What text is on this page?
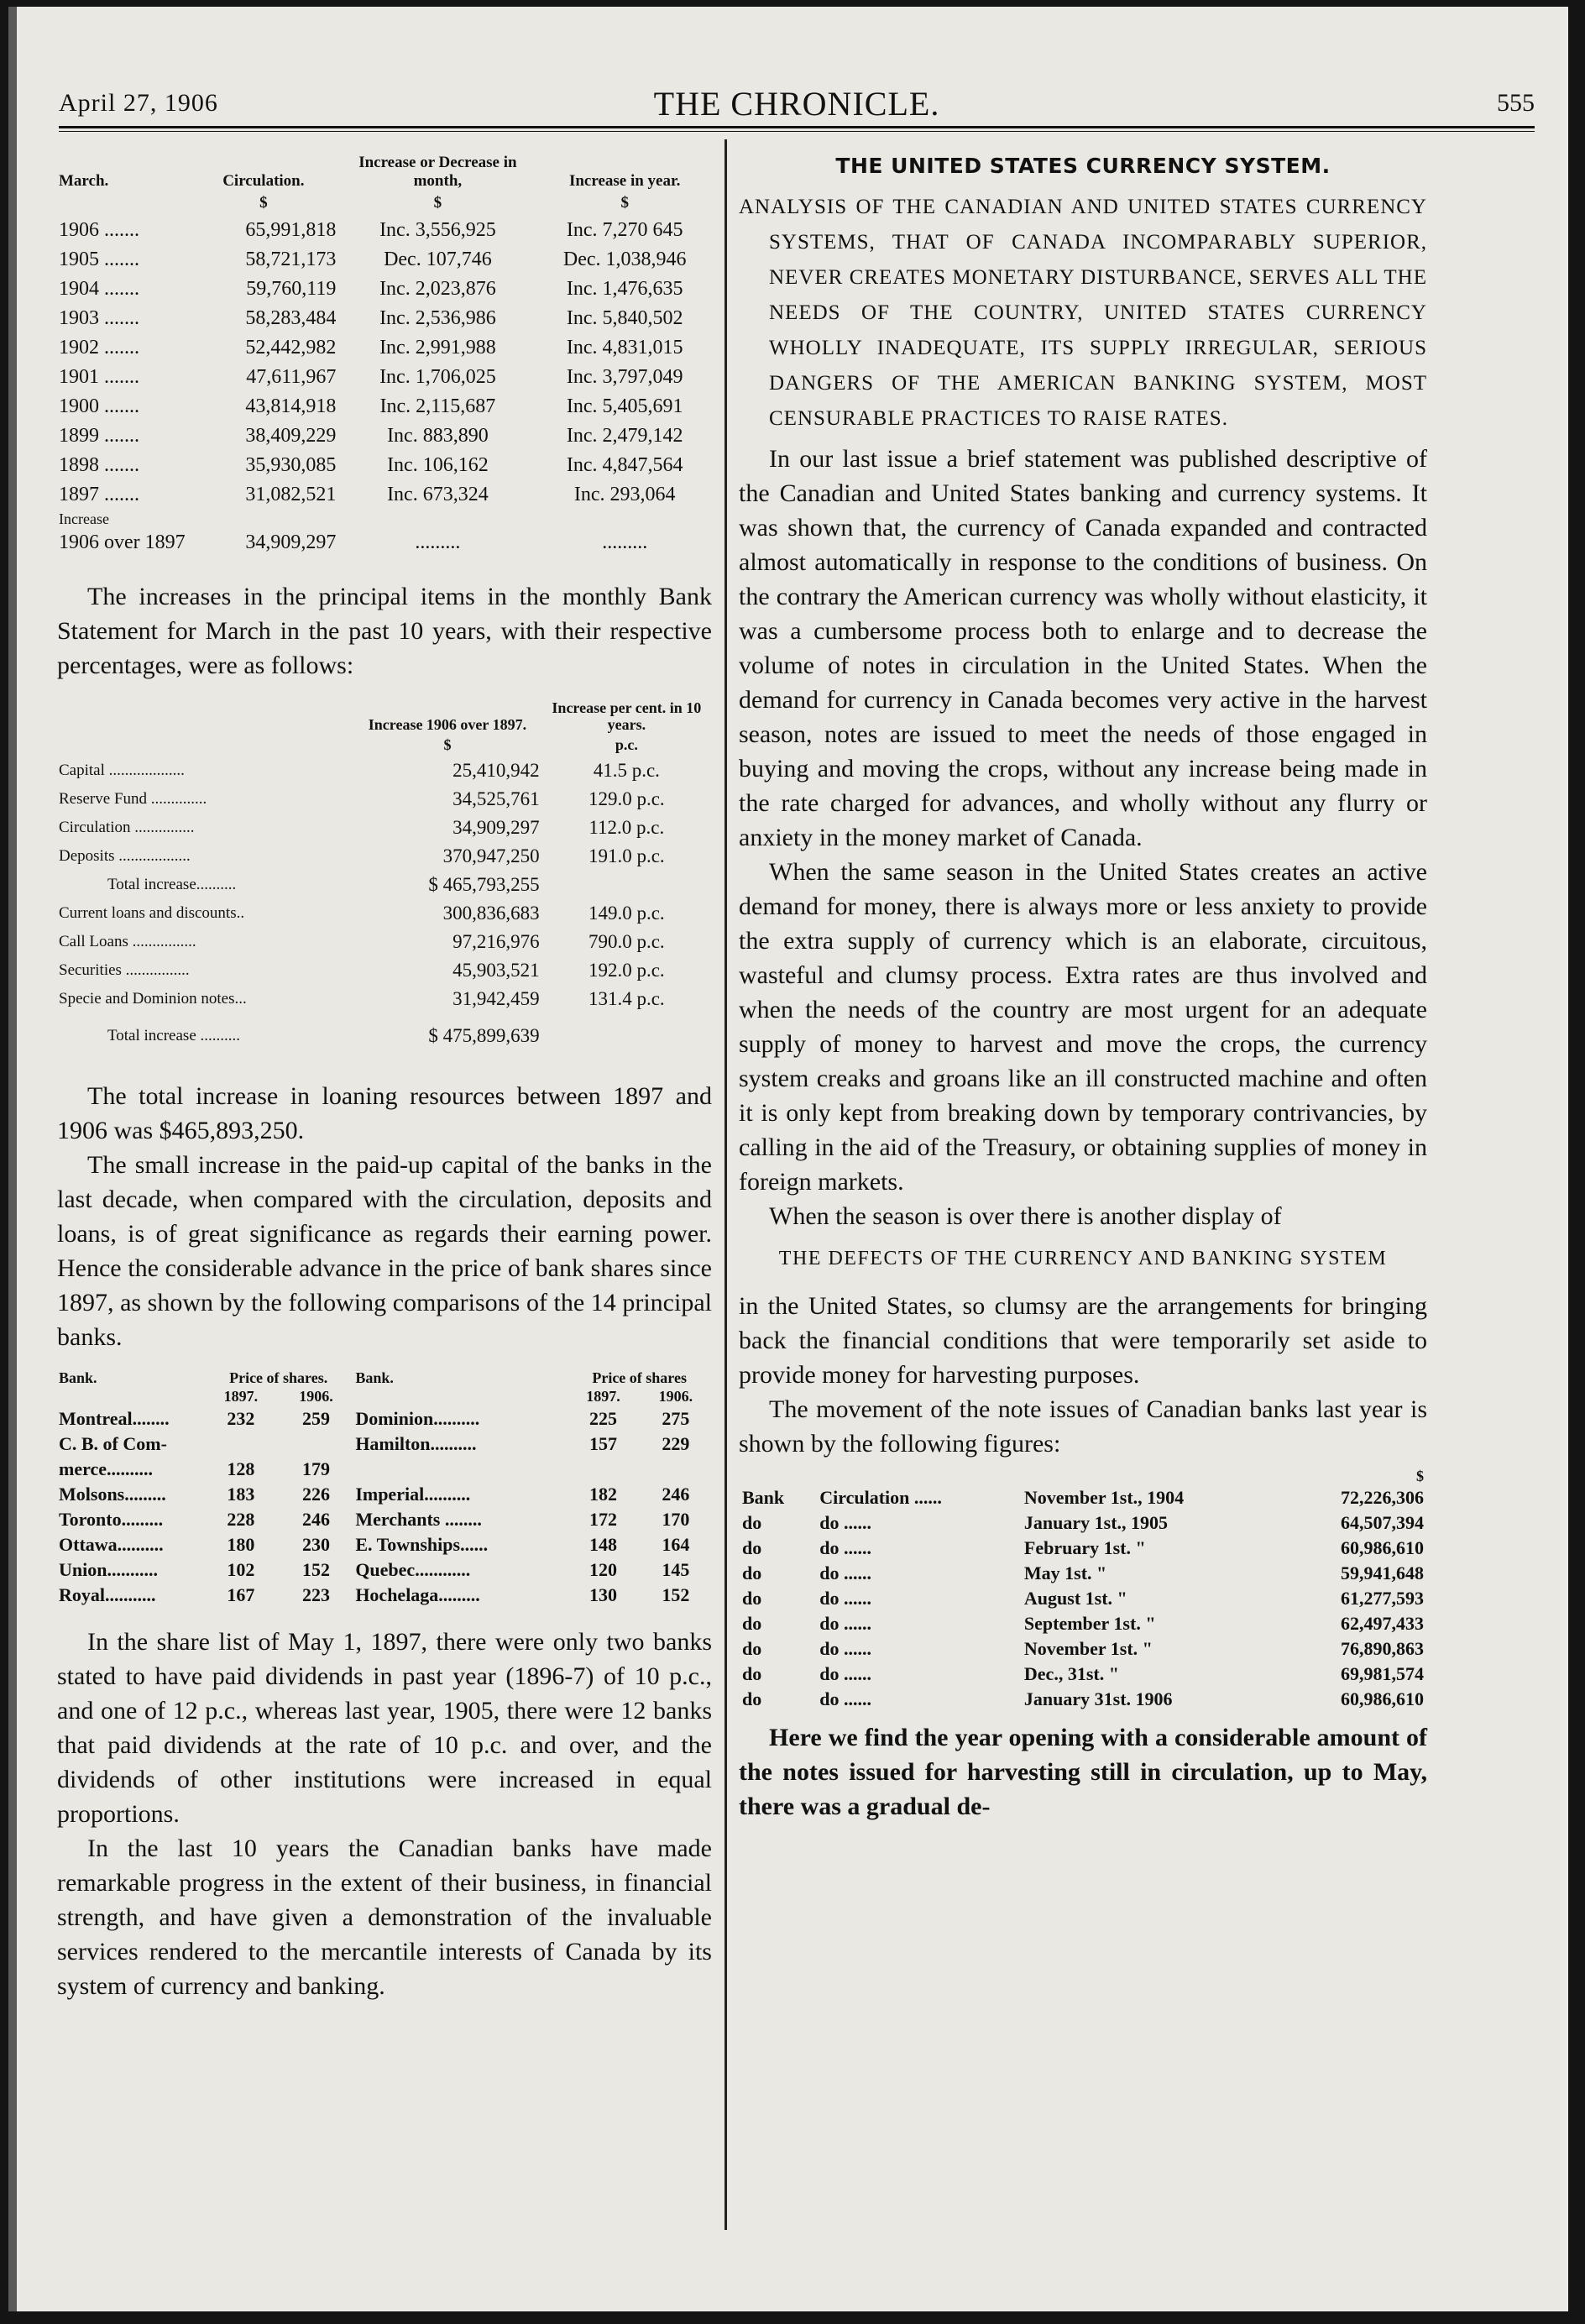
April 27, 1906	THE CHRONICLE.	555
March.	Circulation.	Increase or Decrease in month,	Increase in year.
	$	$	$
1906 .......	65,991,818	Inc. 3,556,925	Inc. 7,270 645
1905 .......	58,721,173	Dec. 107,746	Dec. 1,038,946
1904 .......	59,760,119	Inc. 2,023,876	Inc. 1,476,635
1903 .......	58,283,484	Inc. 2,536,986	Inc. 5,840,502
1902 .......	52,442,982	Inc. 2,991,988	Inc. 4,831,015
1901 .......	47,611,967	Inc. 1,706,025	Inc. 3,797,049
1900 .......	43,814,918	Inc. 2,115,687	Inc. 5,405,691
1899 .......	38,409,229	Inc. 883,890	Inc. 2,479,142
1898 .......	35,930,085	Inc. 106,162	Inc. 4,847,564
1897 .......	31,082,521	Inc. 673,324	Inc. 293,064
Increase			
1906 over 1897	34,909,297	.........	.........

The increases in the principal items in the monthly Bank Statement for March in the past 10 years, with their respective percentages, were as follows:

	Increase 1906 over 1897.	Increase per cent. in 10 years.
	$	p.c.
Capital ...................	25,410,942	41.5 p.c.
Reserve Fund ..............	34,525,761	129.0 p.c.
Circulation ...............	34,909,297	112.0 p.c.
Deposits ..................	370,947,250	191.0 p.c.
Total increase..........	$ 465,793,255	
Current loans and discounts..	300,836,683	149.0 p.c.
Call Loans ................	97,216,976	790.0 p.c.
Securities ................	45,903,521	192.0 p.c.
Specie and Dominion notes...	31,942,459	131.4 p.c.

Total increase ..........	$ 475,899,639	

The total increase in loaning resources between 1897 and 1906 was $465,893,250.

The small increase in the paid-up capital of the banks in the last decade, when compared with the circulation, deposits and loans, is of great significance as regards their earning power. Hence the considerable advance in the price of bank shares since 1897, as shown by the following comparisons of the 14 principal banks.

Bank.	Price of shares.		Bank.	Price of shares	
	1897.	1906.		1897.	1906.
Montreal........	232	259	Dominion..........	225	275
C. B. of Com-			Hamilton..........	157	229
merce..........	128	179			
Molsons.........	183	226	Imperial..........	182	246
Toronto.........	228	246	Merchants ........	172	170
Ottawa..........	180	230	E. Townships......	148	164
Union...........	102	152	Quebec............	120	145
Royal...........	167	223	Hochelaga.........	130	152

In the share list of May 1, 1897, there were only two banks stated to have paid dividends in past year (1896-7) of 10 p.c., and one of 12 p.c., whereas last year, 1905, there were 12 banks that paid dividends at the rate of 10 p.c. and over, and the dividends of other institutions were increased in equal proportions.

In the last 10 years the Canadian banks have made remarkable progress in the extent of their business, in financial strength, and have given a demonstration of the invaluable services rendered to the mercantile interests of Canada by its system of currency and banking.

THE UNITED STATES CURRENCY SYSTEM.

ANALYSIS OF THE CANADIAN AND UNITED STATES CURRENCY SYSTEMS, THAT OF CANADA INCOMPARABLY SUPERIOR, NEVER CREATES MONETARY DISTURBANCE, SERVES ALL THE NEEDS OF THE COUNTRY, UNITED STATES CURRENCY WHOLLY INADEQUATE, ITS SUPPLY IRREGULAR, SERIOUS DANGERS OF THE AMERICAN BANKING SYSTEM, MOST CENSURABLE PRACTICES TO RAISE RATES.

In our last issue a brief statement was published descriptive of the Canadian and United States banking and currency systems. It was shown that, the currency of Canada expanded and contracted almost automatically in response to the conditions of business. On the contrary the American currency was wholly without elasticity, it was a cumbersome process both to enlarge and to decrease the volume of notes in circulation in the United States. When the demand for currency in Canada becomes very active in the harvest season, notes are issued to meet the needs of those engaged in buying and moving the crops, without any increase being made in the rate charged for advances, and wholly without any flurry or anxiety in the money market of Canada.

When the same season in the United States creates an active demand for money, there is always more or less anxiety to provide the extra supply of currency which is an elaborate, circuitous, wasteful and clumsy process. Extra rates are thus involved and when the needs of the country are most urgent for an adequate supply of money to harvest and move the crops, the currency system creaks and groans like an ill constructed machine and often it is only kept from breaking down by temporary contrivancies, by calling in the aid of the Treasury, or obtaining supplies of money in foreign markets.

When the season is over there is another display of

THE DEFECTS OF THE CURRENCY AND BANKING SYSTEM

in the United States, so clumsy are the arrangements for bringing back the financial conditions that were temporarily set aside to provide money for harvesting purposes.

The movement of the note issues of Canadian banks last year is shown by the following figures:

$			
Bank	Circulation ......	November 1st., 1904	72,226,306
do	do ......	January 1st., 1905	64,507,394
do	do ......	February 1st. "	60,986,610
do	do ......	May 1st. "	59,941,648
do	do ......	August 1st. "	61,277,593
do	do ......	September 1st. "	62,497,433
do	do ......	November 1st. "	76,890,863
do	do ......	Dec., 31st. "	69,981,574
do	do ......	January 31st. 1906	60,986,610

Here we find the year opening with a considerable amount of the notes issued for harvesting still in circulation, up to May, there was a gradual de-
